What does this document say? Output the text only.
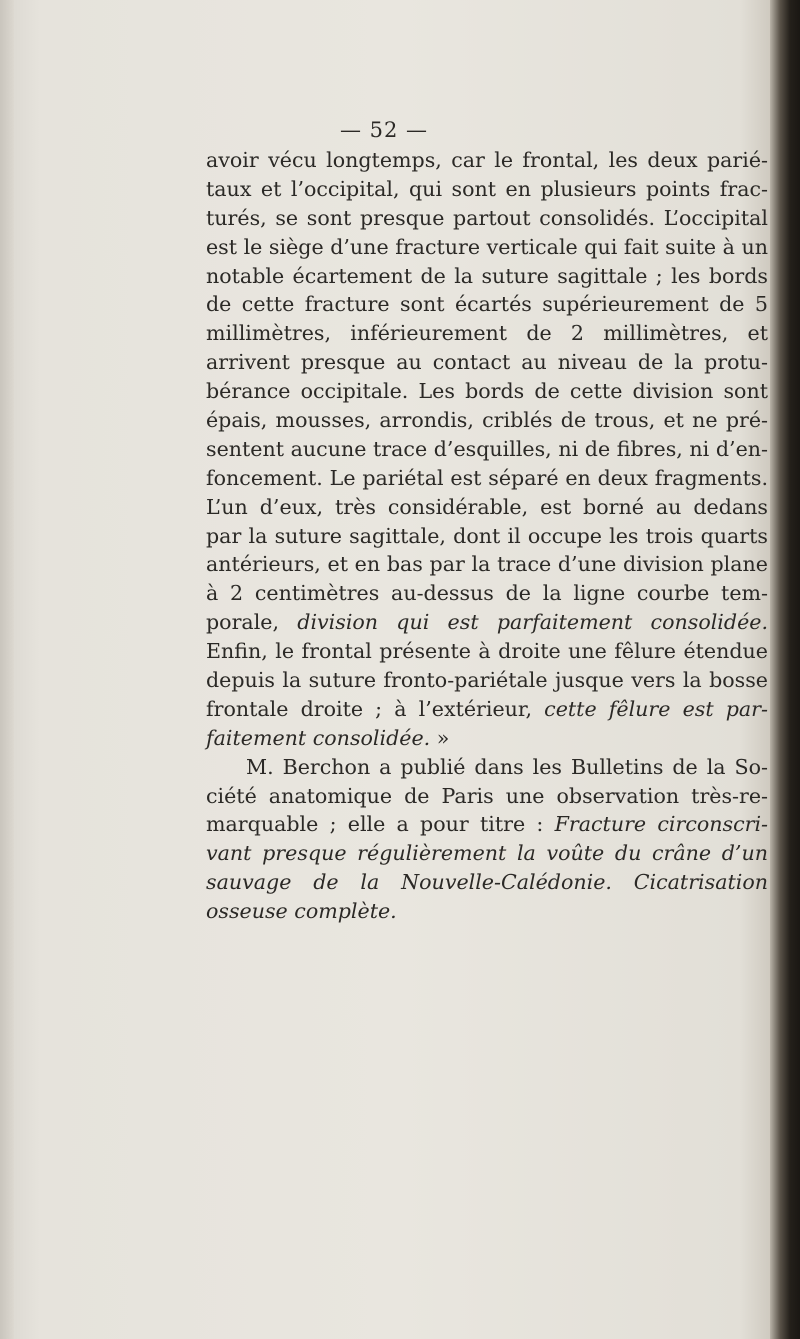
— 52 —
avoir vécu longtemps, car le frontal, les deux parié-
taux et l’occipital, qui sont en plusieurs points frac-
turés, se sont presque partout consolidés. L’occipital
est le siège d’une fracture verticale qui fait suite à un
notable écartement de la suture sagittale ; les bords
de cette fracture sont écartés supérieurement de 5
millimètres, inférieurement de 2 millimètres, et
arrivent presque au contact au niveau de la protu-
bérance occipitale. Les bords de cette division sont
épais, mousses, arrondis, criblés de trous, et ne pré-
sentent aucune trace d’esquilles, ni de fibres, ni d’en-
foncement. Le pariétal est séparé en deux fragments.
L’un d’eux, très considérable, est borné au dedans
par la suture sagittale, dont il occupe les trois quarts
antérieurs, et en bas par la trace d’une division plane
à 2 centimètres au-dessus de la ligne courbe tem-
porale, division qui est parfaitement consolidée.
Enfin, le frontal présente à droite une fêlure étendue
depuis la suture fronto-pariétale jusque vers la bosse
frontale droite ; à l’extérieur, cette fêlure est par-
faitement consolidée. »
M. Berchon a publié dans les Bulletins de la So-
ciété anatomique de Paris une observation très-re-
marquable ; elle a pour titre : Fracture circonscri-
vant presque régulièrement la voûte du crâne d’un
sauvage de la Nouvelle-Calédonie. Cicatrisation
osseuse complète.
